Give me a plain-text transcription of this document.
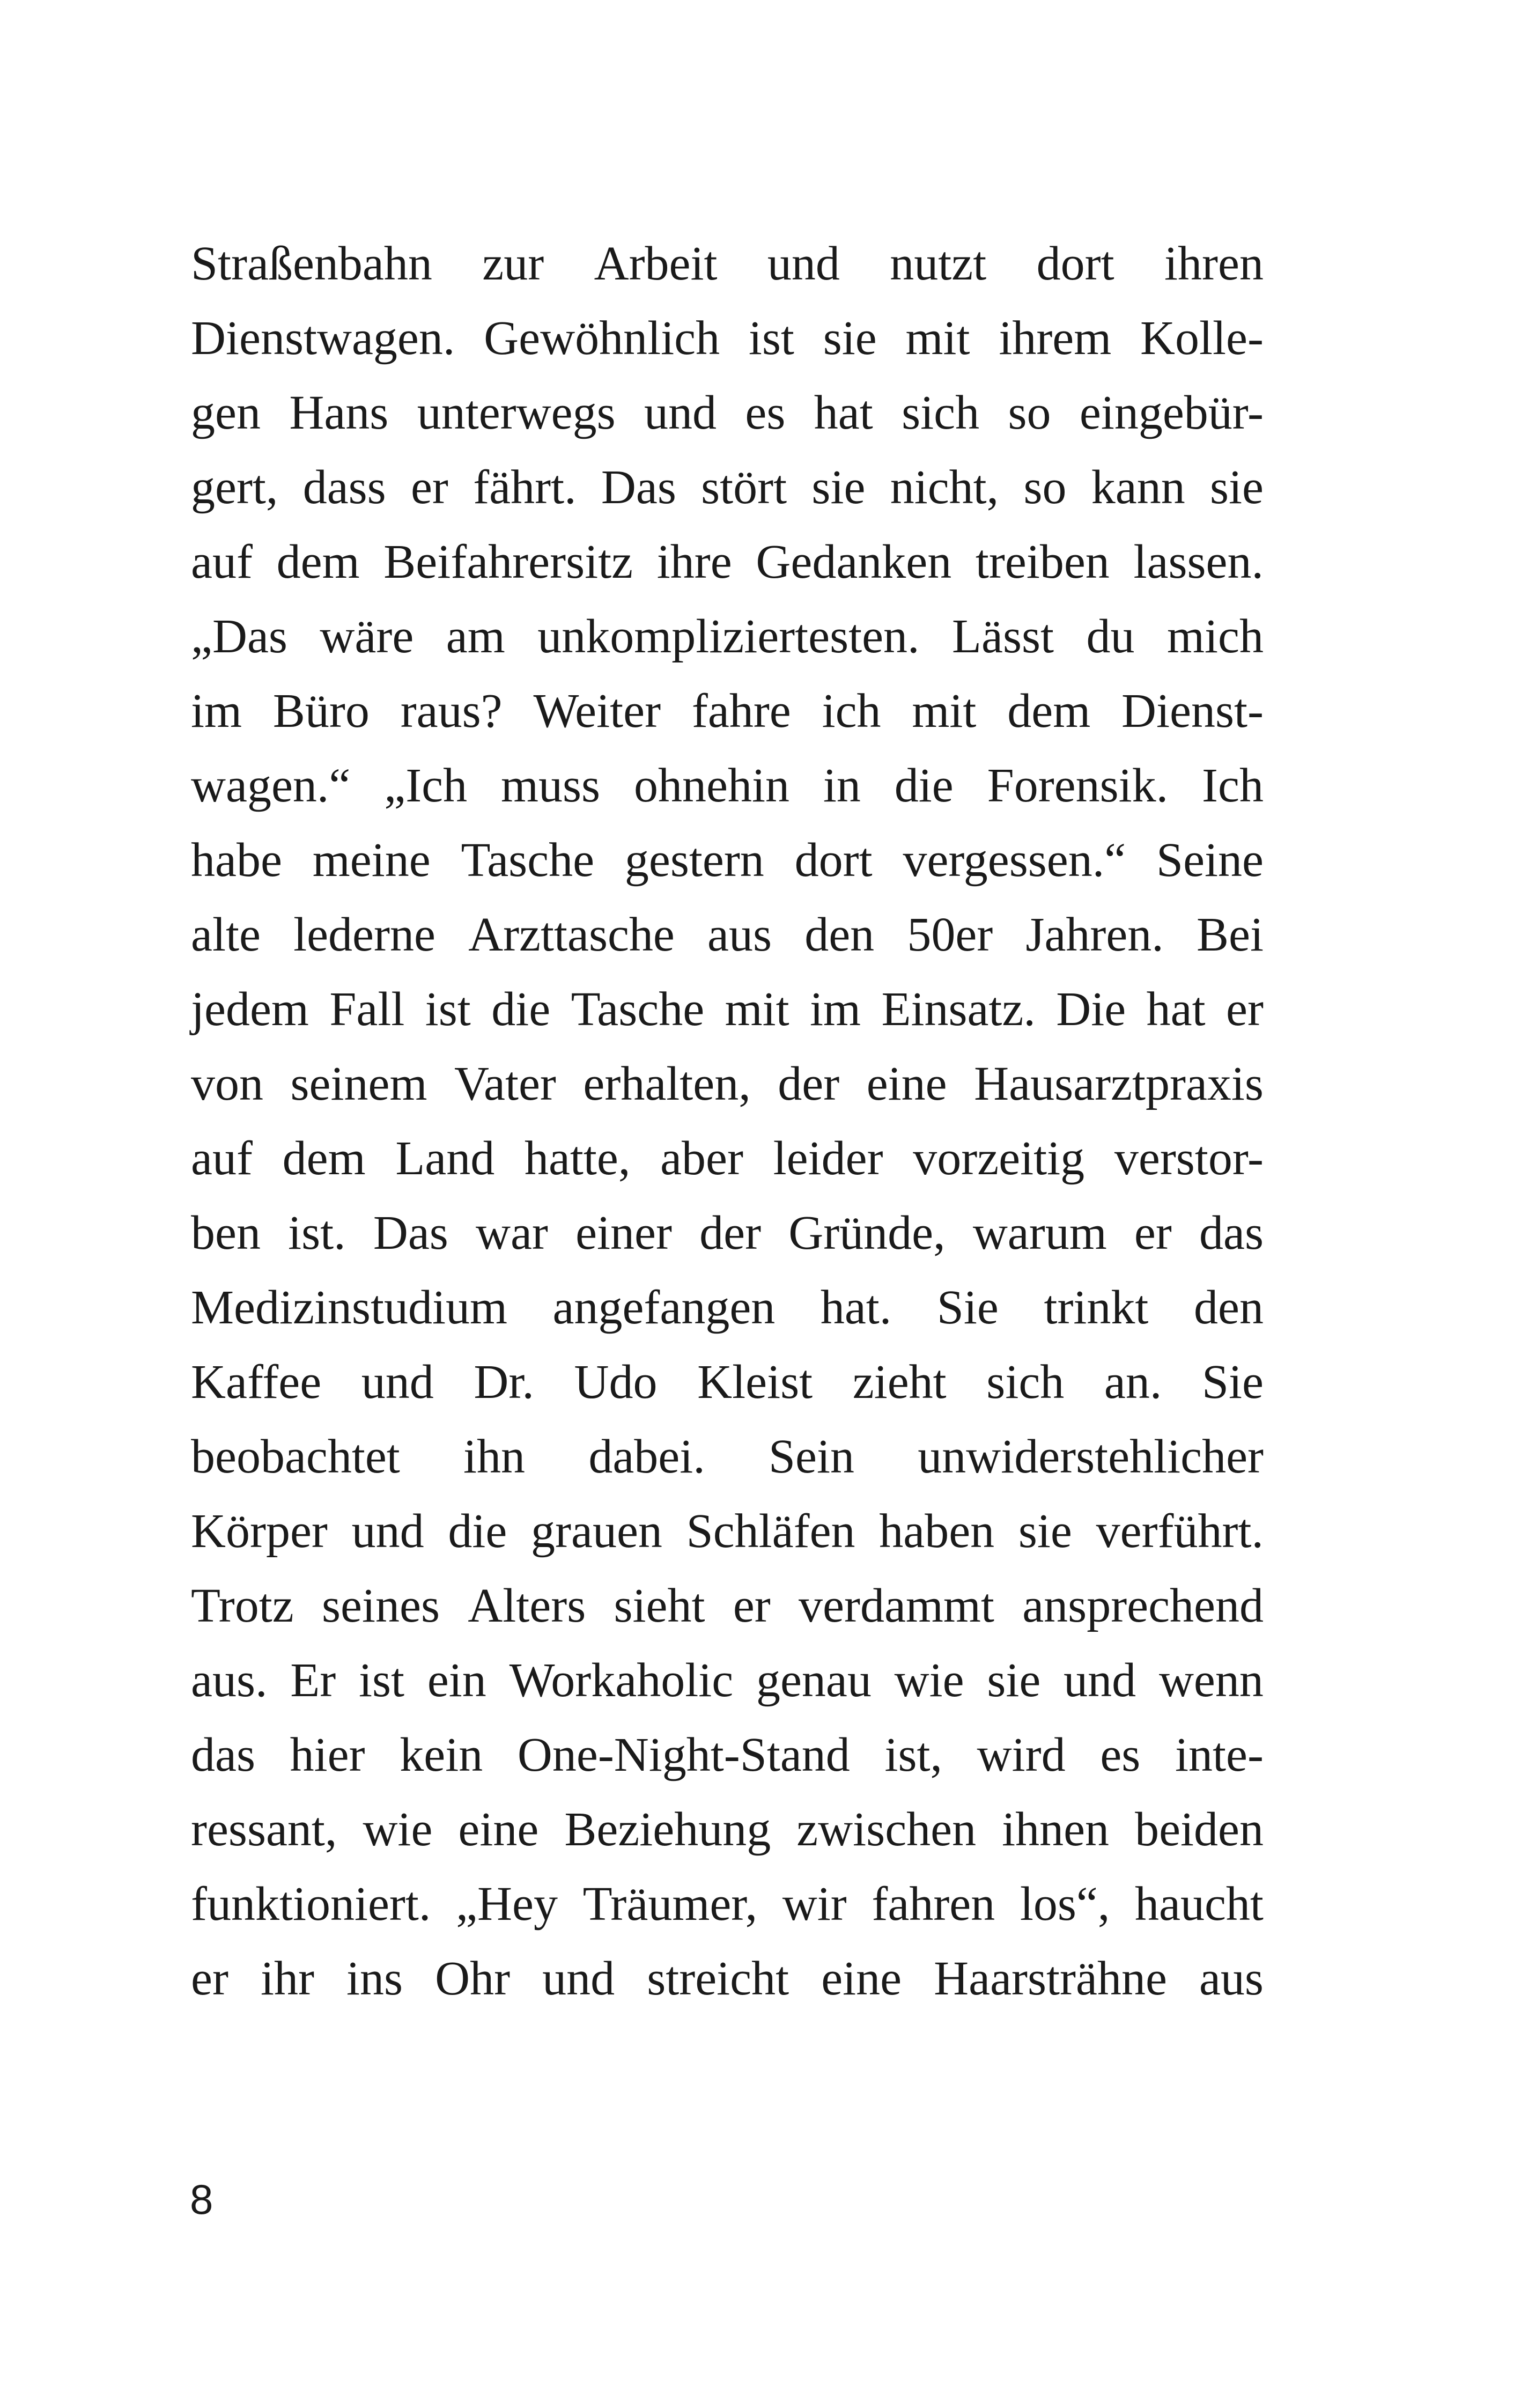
Straßenbahn zur Arbeit und nutzt dort ihren
Dienstwagen. Gewöhnlich ist sie mit ihrem Kolle-
gen Hans unterwegs und es hat sich so eingebür-
gert, dass er fährt. Das stört sie nicht, so kann sie
auf dem Beifahrersitz ihre Gedanken treiben lassen.
„Das wäre am unkompliziertesten. Lässt du mich
im Büro raus? Weiter fahre ich mit dem Dienst-
wagen.“ „Ich muss ohnehin in die Forensik. Ich
habe meine Tasche gestern dort vergessen.“ Seine
alte lederne Arzttasche aus den 50er Jahren. Bei
jedem Fall ist die Tasche mit im Einsatz. Die hat er
von seinem Vater erhalten, der eine Hausarztpraxis
auf dem Land hatte, aber leider vorzeitig verstor-
ben ist. Das war einer der Gründe, warum er das
Medizinstudium angefangen hat. Sie trinkt den
Kaffee und Dr. Udo Kleist zieht sich an. Sie
beobachtet ihn dabei. Sein unwiderstehlicher
Körper und die grauen Schläfen haben sie verführt.
Trotz seines Alters sieht er verdammt ansprechend
aus. Er ist ein Workaholic genau wie sie und wenn
das hier kein One-Night-Stand ist, wird es inte-
ressant, wie eine Beziehung zwischen ihnen beiden
funktioniert. „Hey Träumer, wir fahren los“, haucht
er ihr ins Ohr und streicht eine Haarsträhne aus
8
